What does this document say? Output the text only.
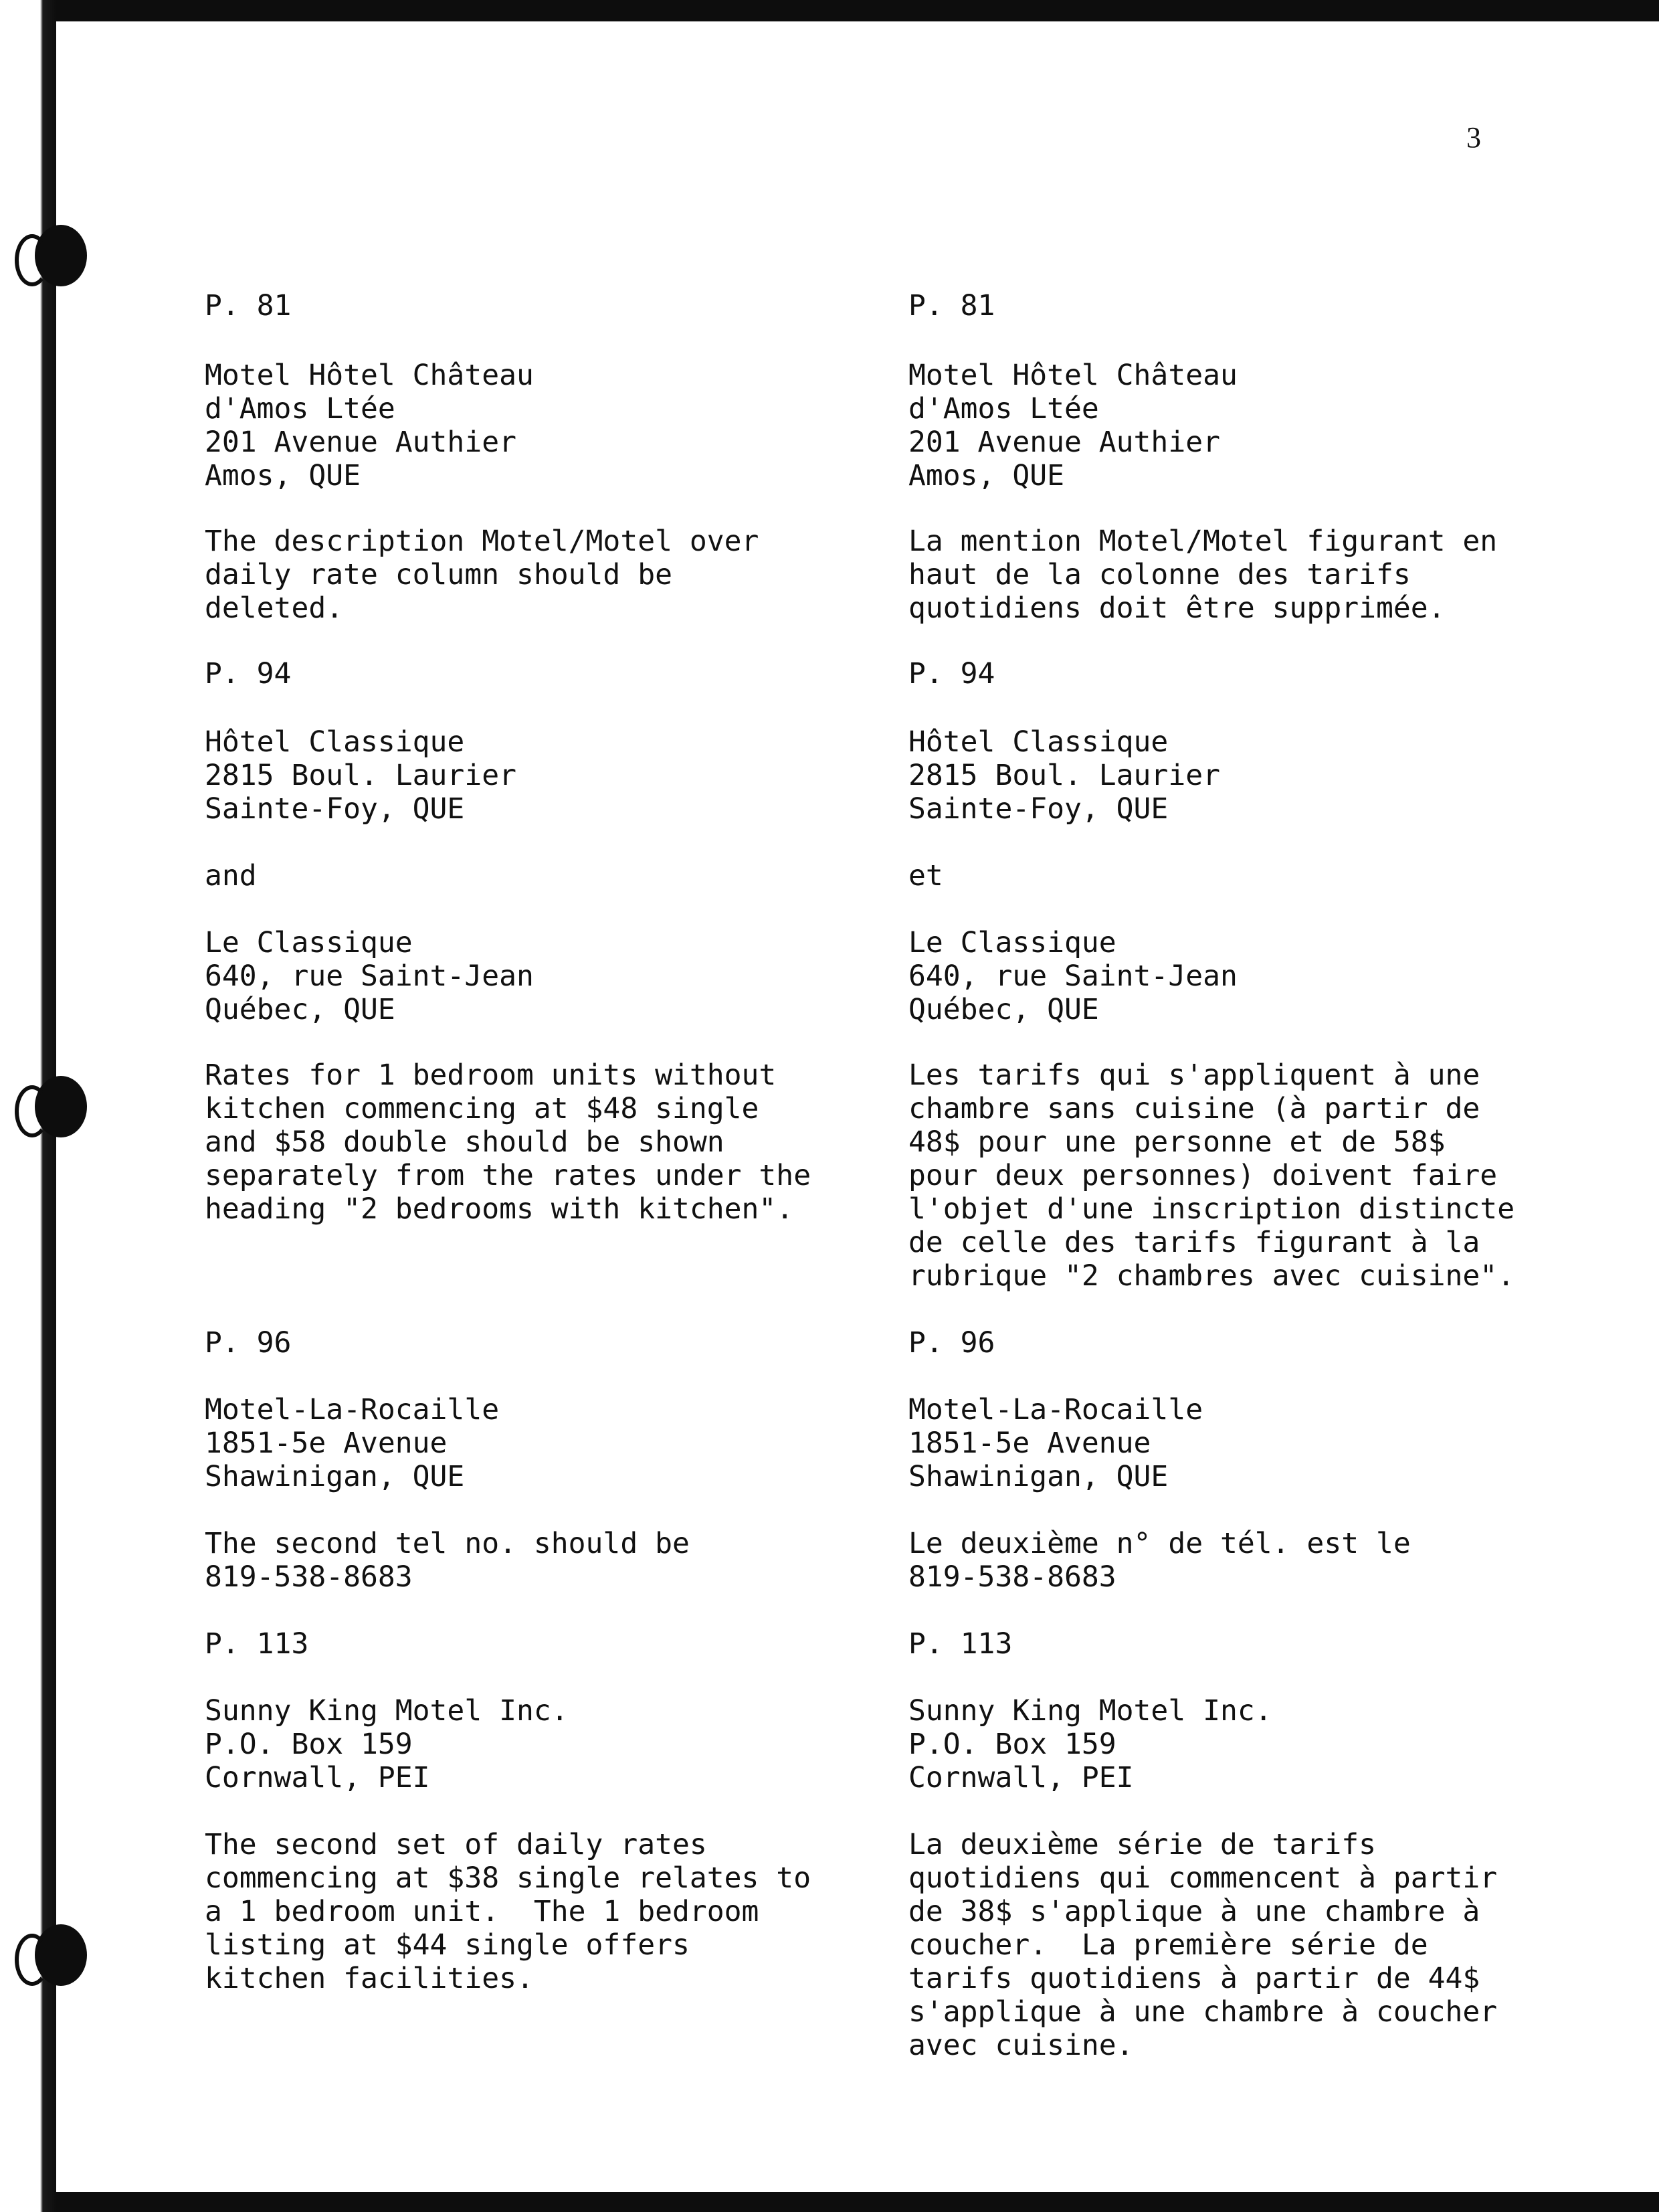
3

P. 81

Motel Hôtel Château
d'Amos Ltée
201 Avenue Authier
Amos, QUE

The description Motel/Motel over
daily rate column should be
deleted.

P. 94

Hôtel Classique
2815 Boul. Laurier
Sainte-Foy, QUE

and

Le Classique
640, rue Saint-Jean
Québec, QUE

Rates for 1 bedroom units without
kitchen commencing at $48 single
and $58 double should be shown
separately from the rates under the
heading "2 bedrooms with kitchen".

P. 96

Motel-La-Rocaille
1851-5e Avenue
Shawinigan, QUE

The second tel no. should be
819-538-8683

P. 113

Sunny King Motel Inc.
P.O. Box 159
Cornwall, PEI

The second set of daily rates
commencing at $38 single relates to
a 1 bedroom unit.  The 1 bedroom
listing at $44 single offers
kitchen facilities.

P. 81

Motel Hôtel Château
d'Amos Ltée
201 Avenue Authier
Amos, QUE

La mention Motel/Motel figurant en
haut de la colonne des tarifs
quotidiens doit être supprimée.

P. 94

Hôtel Classique
2815 Boul. Laurier
Sainte-Foy, QUE

et

Le Classique
640, rue Saint-Jean
Québec, QUE

Les tarifs qui s'appliquent à une
chambre sans cuisine (à partir de
48$ pour une personne et de 58$
pour deux personnes) doivent faire
l'objet d'une inscription distincte
de celle des tarifs figurant à la
rubrique "2 chambres avec cuisine".

P. 96

Motel-La-Rocaille
1851-5e Avenue
Shawinigan, QUE

Le deuxième n° de tél. est le
819-538-8683

P. 113

Sunny King Motel Inc.
P.O. Box 159
Cornwall, PEI

La deuxième série de tarifs
quotidiens qui commencent à partir
de 38$ s'applique à une chambre à
coucher.  La première série de
tarifs quotidiens à partir de 44$
s'applique à une chambre à coucher
avec cuisine.
